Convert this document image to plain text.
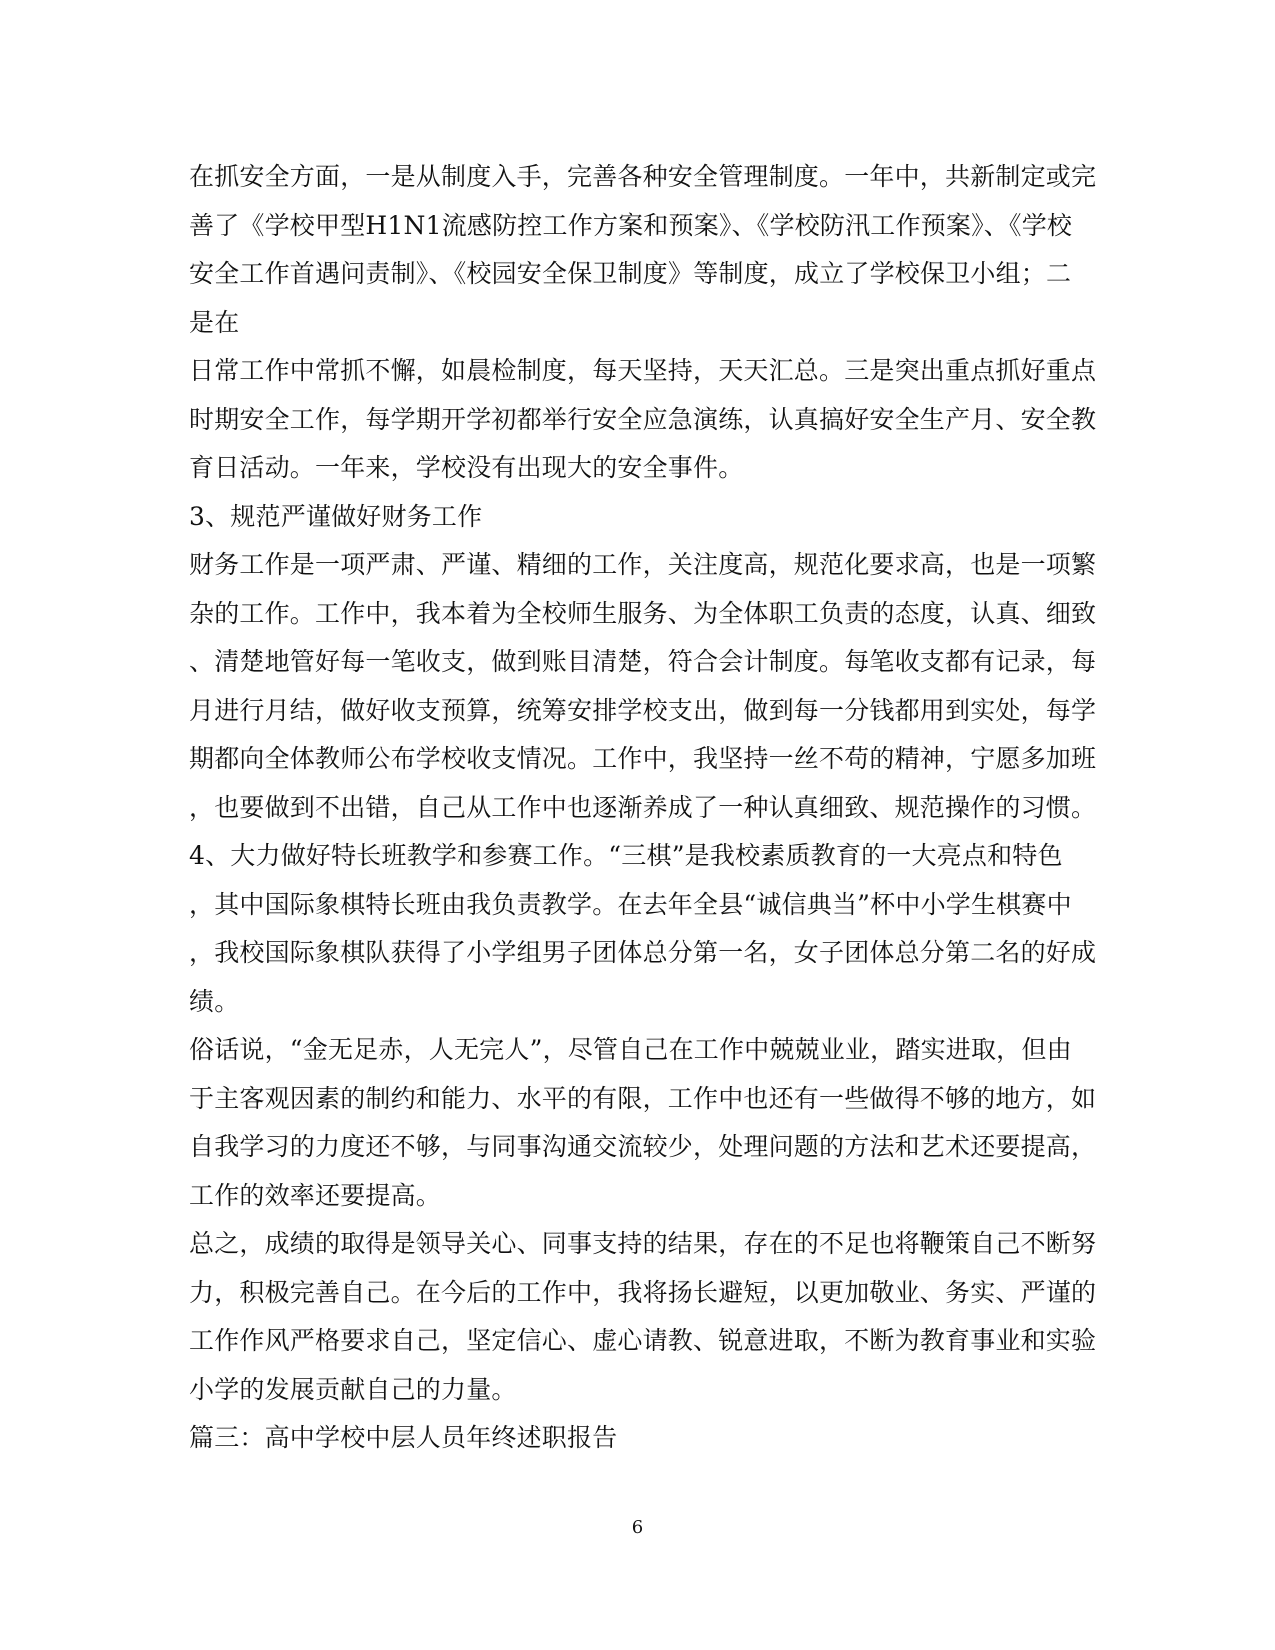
在抓安全方面，一是从制度入手，完善各种安全管理制度。一年中，共新制定或完
善了《学校甲型H1N1流感防控工作方案和预案》、《学校防汛工作预案》、《学校
安全工作首遇问责制》、《校园安全保卫制度》等制度，成立了学校保卫小组；二
是在
日常工作中常抓不懈，如晨检制度，每天坚持，天天汇总。三是突出重点抓好重点
时期安全工作，每学期开学初都举行安全应急演练，认真搞好安全生产月、安全教
育日活动。一年来，学校没有出现大的安全事件。
3、规范严谨做好财务工作
财务工作是一项严肃、严谨、精细的工作，关注度高，规范化要求高，也是一项繁
杂的工作。工作中，我本着为全校师生服务、为全体职工负责的态度，认真、细致
、清楚地管好每一笔收支，做到账目清楚，符合会计制度。每笔收支都有记录，每
月进行月结，做好收支预算，统筹安排学校支出，做到每一分钱都用到实处，每学
期都向全体教师公布学校收支情况。工作中，我坚持一丝不苟的精神，宁愿多加班
，也要做到不出错，自己从工作中也逐渐养成了一种认真细致、规范操作的习惯。
4、大力做好特长班教学和参赛工作。“三棋”是我校素质教育的一大亮点和特色
，其中国际象棋特长班由我负责教学。在去年全县“诚信典当”杯中小学生棋赛中
，我校国际象棋队获得了小学组男子团体总分第一名，女子团体总分第二名的好成
绩。
俗话说，“金无足赤，人无完人”，尽管自己在工作中兢兢业业，踏实进取，但由
于主客观因素的制约和能力、水平的有限，工作中也还有一些做得不够的地方，如
自我学习的力度还不够，与同事沟通交流较少，处理问题的方法和艺术还要提高，
工作的效率还要提高。
总之，成绩的取得是领导关心、同事支持的结果，存在的不足也将鞭策自己不断努
力，积极完善自己。在今后的工作中，我将扬长避短，以更加敬业、务实、严谨的
工作作风严格要求自己，坚定信心、虚心请教、锐意进取，不断为教育事业和实验
小学的发展贡献自己的力量。
篇三：高中学校中层人员年终述职报告
6
